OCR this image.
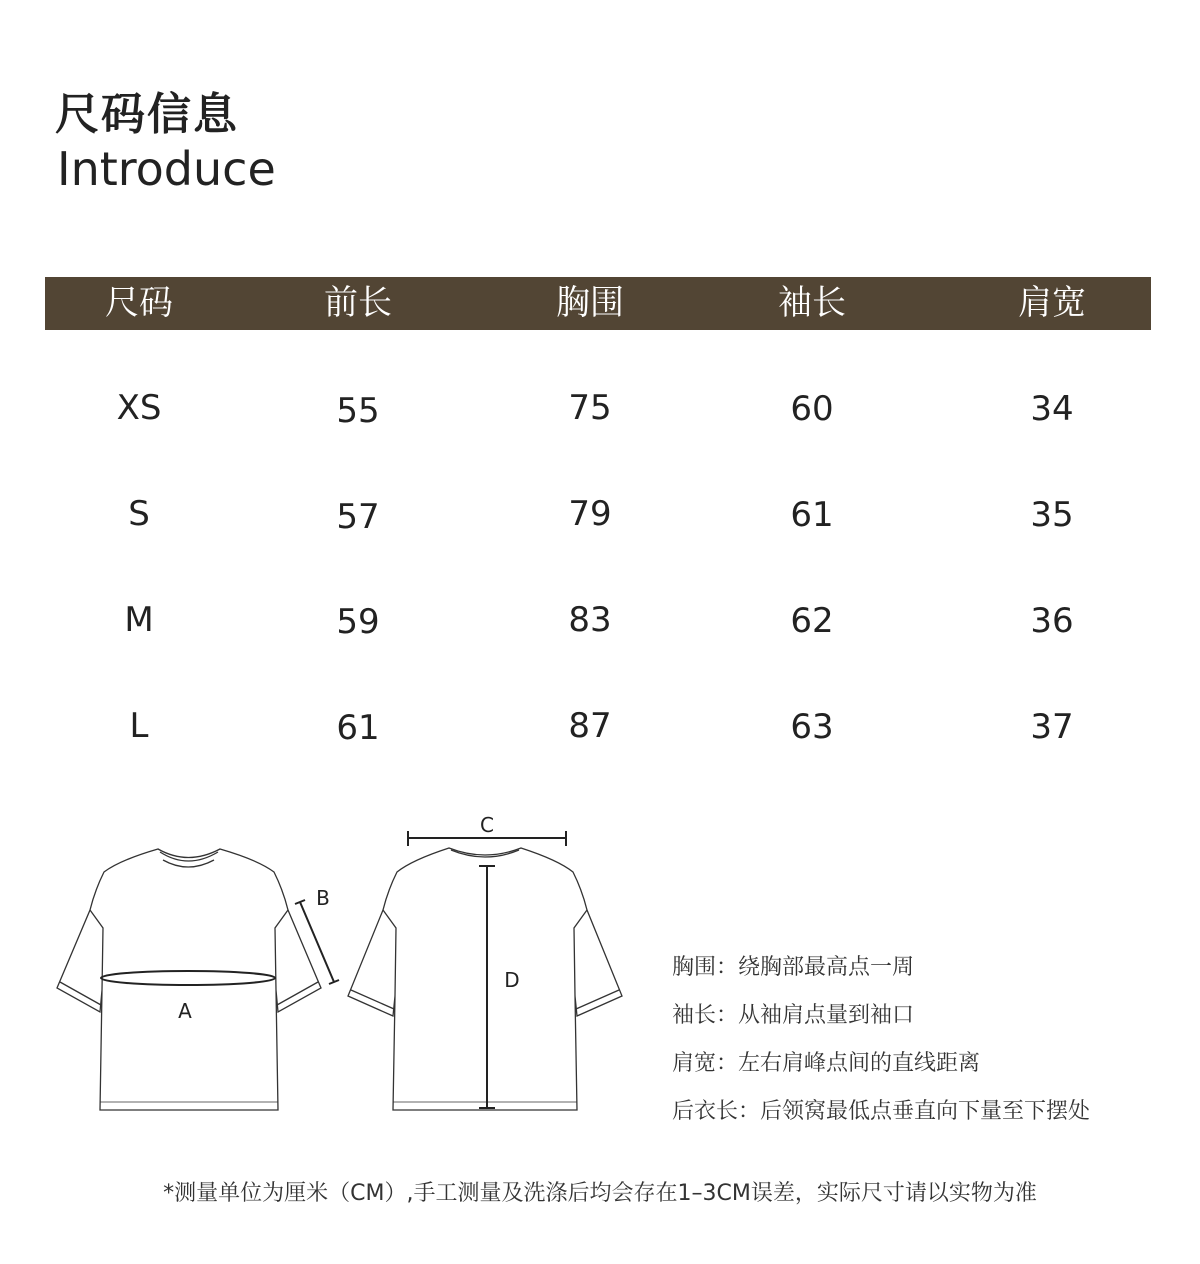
尺码信息
Introduce
尺码	前长	胸围	袖长	肩宽
XS	55	75	60	34
S	57	79	61	35
M	59	83	62	36
L	61	87	63	37
A
B
C
D	胸围：绕胸部最高点一周
袖长：从袖肩点量到袖口
肩宽：左右肩峰点间的直线距离
后衣长：后领窝最低点垂直向下量至下摆处
*测量单位为厘米（CM）,手工测量及洗涤后均会存在1–3CM误差，实际尺寸请以实物为准
